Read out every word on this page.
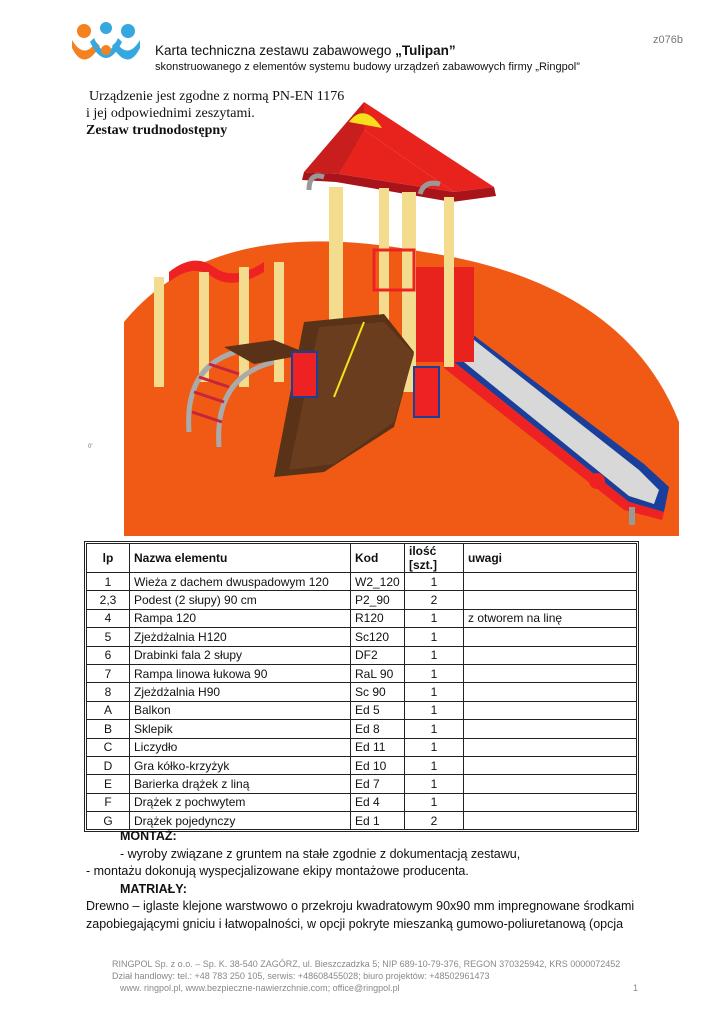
z076b
Karta techniczna zestawu zabawowego „Tulipan”
skonstruowanego z elementów systemu budowy urządzeń zabawowych firmy „Ringpol”
0'
Urządzenie jest zgodne z normą PN-EN 1176
i jej odpowiednimi zeszytami.
Zestaw trudnodostępny
lp	Nazwa elementu	Kod	ilość [szt.]	uwagi
1	Wieża z dachem dwuspadowym 120	W2_120	1	
2,3	Podest (2 słupy) 90 cm	P2_90	2	
4	Rampa 120	R120	1	z otworem na linę
5	Zjeżdżalnia H120	Sc120	1	
6	Drabinki fala 2 słupy	DF2	1	
7	Rampa linowa łukowa 90	RaL 90	1	
8	Zjeżdżalnia H90	Sc 90	1	
A	Balkon	Ed 5	1	
B	Sklepik	Ed 8	1	
C	Liczydło	Ed 11	1	
D	Gra kółko-krzyżyk	Ed 10	1	
E	Barierka drążek z liną	Ed 7	1	
F	Drążek z pochwytem	Ed 4	1	
G	Drążek pojedynczy	Ed 1	2	
MONTAŻ:
- wyroby związane z gruntem na stałe zgodnie z dokumentacją zestawu,
- montażu dokonują wyspecjalizowane ekipy montażowe producenta.
MATRIAŁY:
Drewno – iglaste klejone warstwowo o przekroju kwadratowym 90x90 mm impregnowane środkami
zapobiegającymi gniciu i łatwopalności, w opcji pokryte mieszanką gumowo-poliuretanową (opcja
RINGPOL Sp. z o.o. – Sp. K. 38-540 ZAGÓRZ, ul. Bieszczadzka 5; NIP 689-10-79-376, REGON 370325942, KRS 0000072452
Dział handlowy: tel.: +48 783 250 105, serwis: +48608455028; biuro projektów: +48502961473
www. ringpol.pl, www.bezpieczne-nawierzchnie.com; office@ringpol.pl	1
